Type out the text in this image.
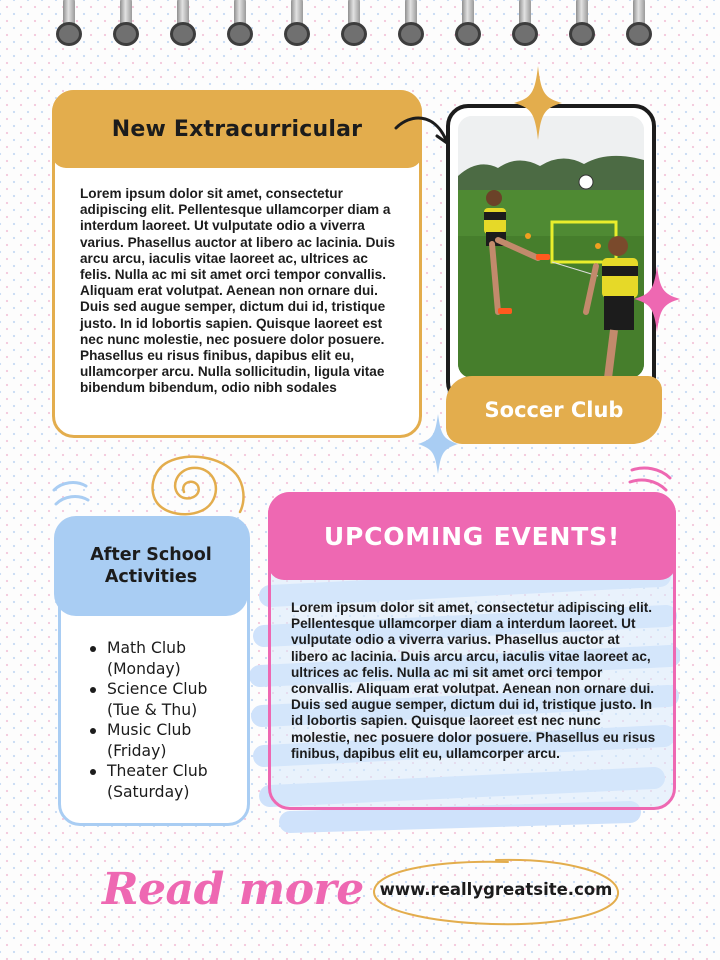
New Extracurricular

Lorem ipsum dolor sit amet, consectetur adipiscing elit. Pellentesque ullamcorper diam a interdum laoreet. Ut vulputate odio a viverra varius. Phasellus auctor at libero ac lacinia. Duis arcu arcu, iaculis vitae laoreet ac, ultrices ac felis. Nulla ac mi sit amet orci tempor convallis. Aliquam erat volutpat. Aenean non ornare dui. Duis sed augue semper, dictum dui id, tristique justo. In id lobortis sapien. Quisque laoreet est nec nunc molestie, nec posuere dolor posuere. Phasellus eu risus finibus, dapibus elit eu, ullamcorper arcu. Nulla sollicitudin, ligula vitae bibendum bibendum, odio nibh sodales

Soccer Club
After School Activities
Math Club
(Monday)
Science Club
(Tue & Thu)
Music Club
(Friday)
Theater Club
(Saturday)
UPCOMING EVENTS!

Lorem ipsum dolor sit amet, consectetur adipiscing elit. Pellentesque ullamcorper diam a interdum laoreet. Ut vulputate odio a viverra varius. Phasellus auctor at libero ac lacinia. Duis arcu arcu, iaculis vitae laoreet ac, ultrices ac felis. Nulla ac mi sit amet orci tempor convallis. Aliquam erat volutpat. Aenean non ornare dui. Duis sed augue semper, dictum dui id, tristique justo. In id lobortis sapien. Quisque laoreet est nec nunc molestie, nec posuere dolor posuere. Phasellus eu risus finibus, dapibus elit eu, ullamcorper arcu.

Read more www.reallygreatsite.com
